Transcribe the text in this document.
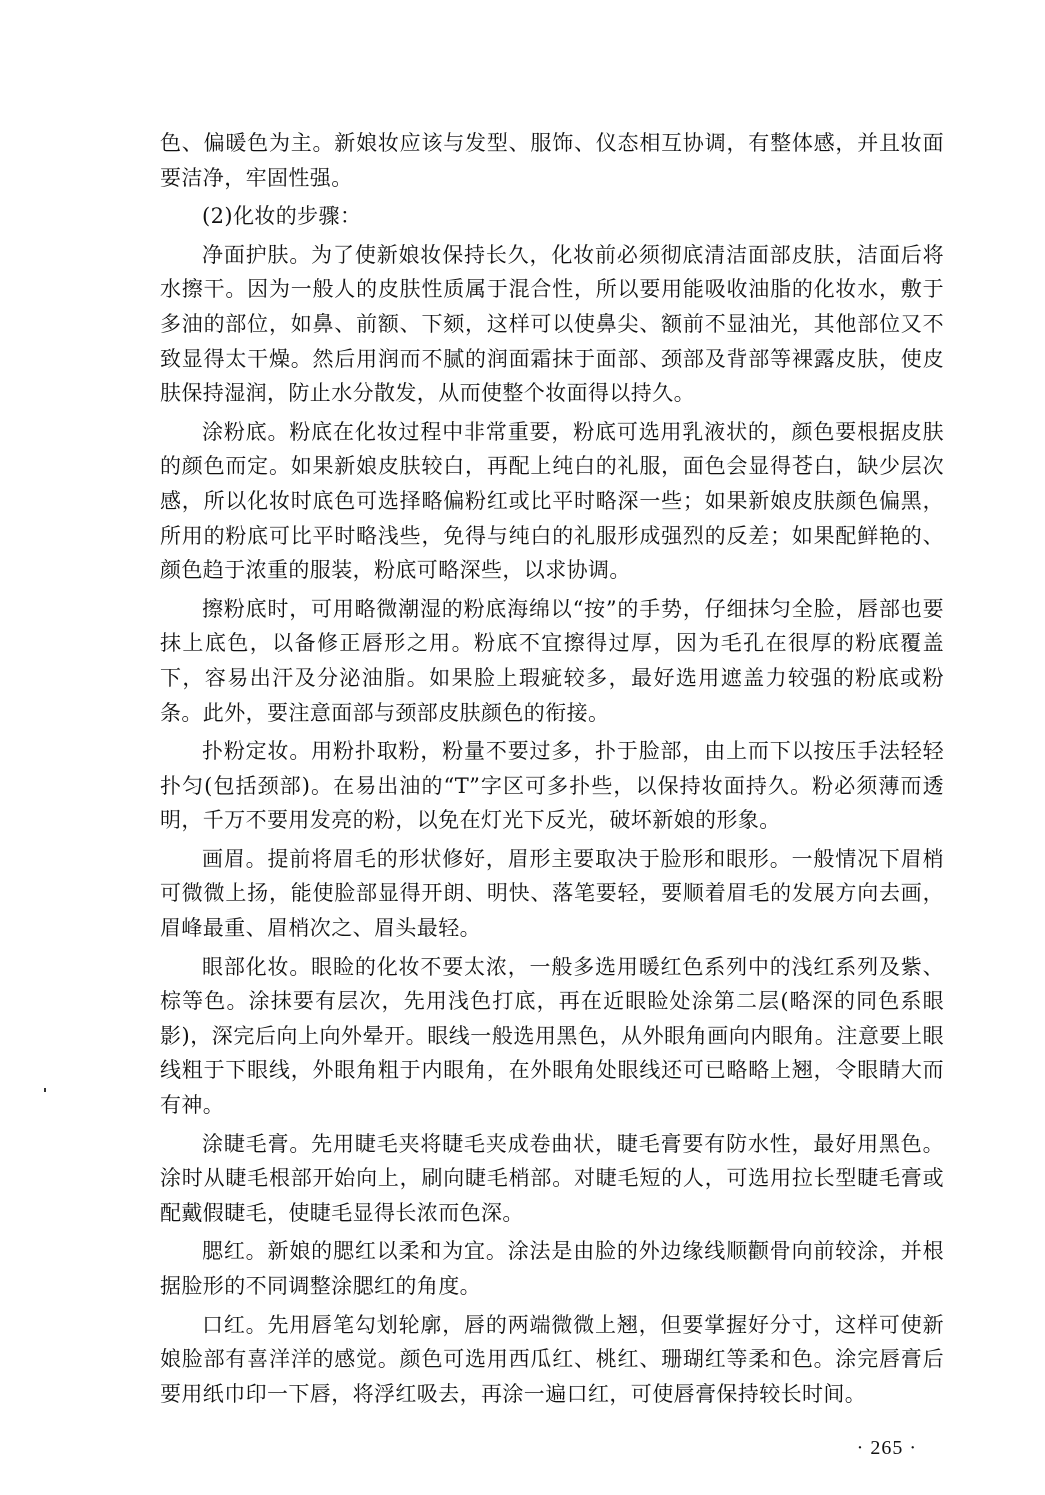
色、偏暖色为主。新娘妆应该与发型、服饰、仪态相互协调，有整体感，并且妆面要洁净，牢固性强。

(2)化妆的步骤：

净面护肤。为了使新娘妆保持长久，化妆前必须彻底清洁面部皮肤，洁面后将水擦干。因为一般人的皮肤性质属于混合性，所以要用能吸收油脂的化妆水，敷于多油的部位，如鼻、前额、下颏，这样可以使鼻尖、额前不显油光，其他部位又不致显得太干燥。然后用润而不腻的润面霜抹于面部、颈部及背部等裸露皮肤，使皮肤保持湿润，防止水分散发，从而使整个妆面得以持久。

涂粉底。粉底在化妆过程中非常重要，粉底可选用乳液状的，颜色要根据皮肤的颜色而定。如果新娘皮肤较白，再配上纯白的礼服，面色会显得苍白，缺少层次感，所以化妆时底色可选择略偏粉红或比平时略深一些；如果新娘皮肤颜色偏黑，所用的粉底可比平时略浅些，免得与纯白的礼服形成强烈的反差；如果配鲜艳的、颜色趋于浓重的服装，粉底可略深些，以求协调。

擦粉底时，可用略微潮湿的粉底海绵以“按”的手势，仔细抹匀全脸，唇部也要抹上底色，以备修正唇形之用。粉底不宜擦得过厚，因为毛孔在很厚的粉底覆盖下，容易出汗及分泌油脂。如果脸上瑕疵较多，最好选用遮盖力较强的粉底或粉条。此外，要注意面部与颈部皮肤颜色的衔接。

扑粉定妆。用粉扑取粉，粉量不要过多，扑于脸部，由上而下以按压手法轻轻扑匀(包括颈部)。在易出油的“T”字区可多扑些，以保持妆面持久。粉必须薄而透明，千万不要用发亮的粉，以免在灯光下反光，破坏新娘的形象。

画眉。提前将眉毛的形状修好，眉形主要取决于脸形和眼形。一般情况下眉梢可微微上扬，能使脸部显得开朗、明快、落笔要轻，要顺着眉毛的发展方向去画，眉峰最重、眉梢次之、眉头最轻。

眼部化妆。眼睑的化妆不要太浓，一般多选用暖红色系列中的浅红系列及紫、棕等色。涂抹要有层次，先用浅色打底，再在近眼睑处涂第二层(略深的同色系眼影)，深完后向上向外晕开。眼线一般选用黑色，从外眼角画向内眼角。注意要上眼线粗于下眼线，外眼角粗于内眼角，在外眼角处眼线还可已略略上翘，令眼睛大而有神。

涂睫毛膏。先用睫毛夹将睫毛夹成卷曲状，睫毛膏要有防水性，最好用黑色。涂时从睫毛根部开始向上，刷向睫毛梢部。对睫毛短的人，可选用拉长型睫毛膏或配戴假睫毛，使睫毛显得长浓而色深。

腮红。新娘的腮红以柔和为宜。涂法是由脸的外边缘线顺颧骨向前较涂，并根据脸形的不同调整涂腮红的角度。

口红。先用唇笔勾划轮廓，唇的两端微微上翘，但要掌握好分寸，这样可使新娘脸部有喜洋洋的感觉。颜色可选用西瓜红、桃红、珊瑚红等柔和色。涂完唇膏后要用纸巾印一下唇，将浮红吸去，再涂一遍口红，可使唇膏保持较长时间。

· 265 ·
